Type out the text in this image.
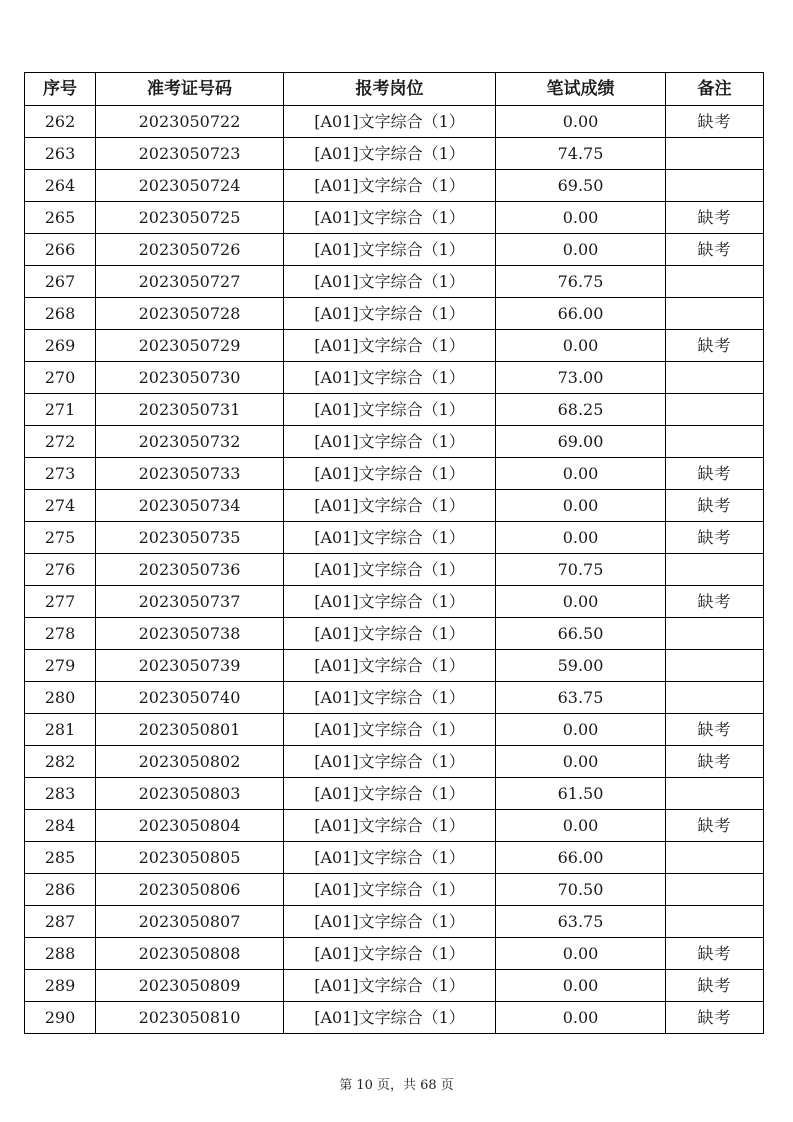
序号	准考证号码	报考岗位	笔试成绩	备注
262	2023050722	[A01]文字综合（1）	0.00	缺考
263	2023050723	[A01]文字综合（1）	74.75	
264	2023050724	[A01]文字综合（1）	69.50	
265	2023050725	[A01]文字综合（1）	0.00	缺考
266	2023050726	[A01]文字综合（1）	0.00	缺考
267	2023050727	[A01]文字综合（1）	76.75	
268	2023050728	[A01]文字综合（1）	66.00	
269	2023050729	[A01]文字综合（1）	0.00	缺考
270	2023050730	[A01]文字综合（1）	73.00	
271	2023050731	[A01]文字综合（1）	68.25	
272	2023050732	[A01]文字综合（1）	69.00	
273	2023050733	[A01]文字综合（1）	0.00	缺考
274	2023050734	[A01]文字综合（1）	0.00	缺考
275	2023050735	[A01]文字综合（1）	0.00	缺考
276	2023050736	[A01]文字综合（1）	70.75	
277	2023050737	[A01]文字综合（1）	0.00	缺考
278	2023050738	[A01]文字综合（1）	66.50	
279	2023050739	[A01]文字综合（1）	59.00	
280	2023050740	[A01]文字综合（1）	63.75	
281	2023050801	[A01]文字综合（1）	0.00	缺考
282	2023050802	[A01]文字综合（1）	0.00	缺考
283	2023050803	[A01]文字综合（1）	61.50	
284	2023050804	[A01]文字综合（1）	0.00	缺考
285	2023050805	[A01]文字综合（1）	66.00	
286	2023050806	[A01]文字综合（1）	70.50	
287	2023050807	[A01]文字综合（1）	63.75	
288	2023050808	[A01]文字综合（1）	0.00	缺考
289	2023050809	[A01]文字综合（1）	0.00	缺考
290	2023050810	[A01]文字综合（1）	0.00	缺考
第 10 页，共 68 页
